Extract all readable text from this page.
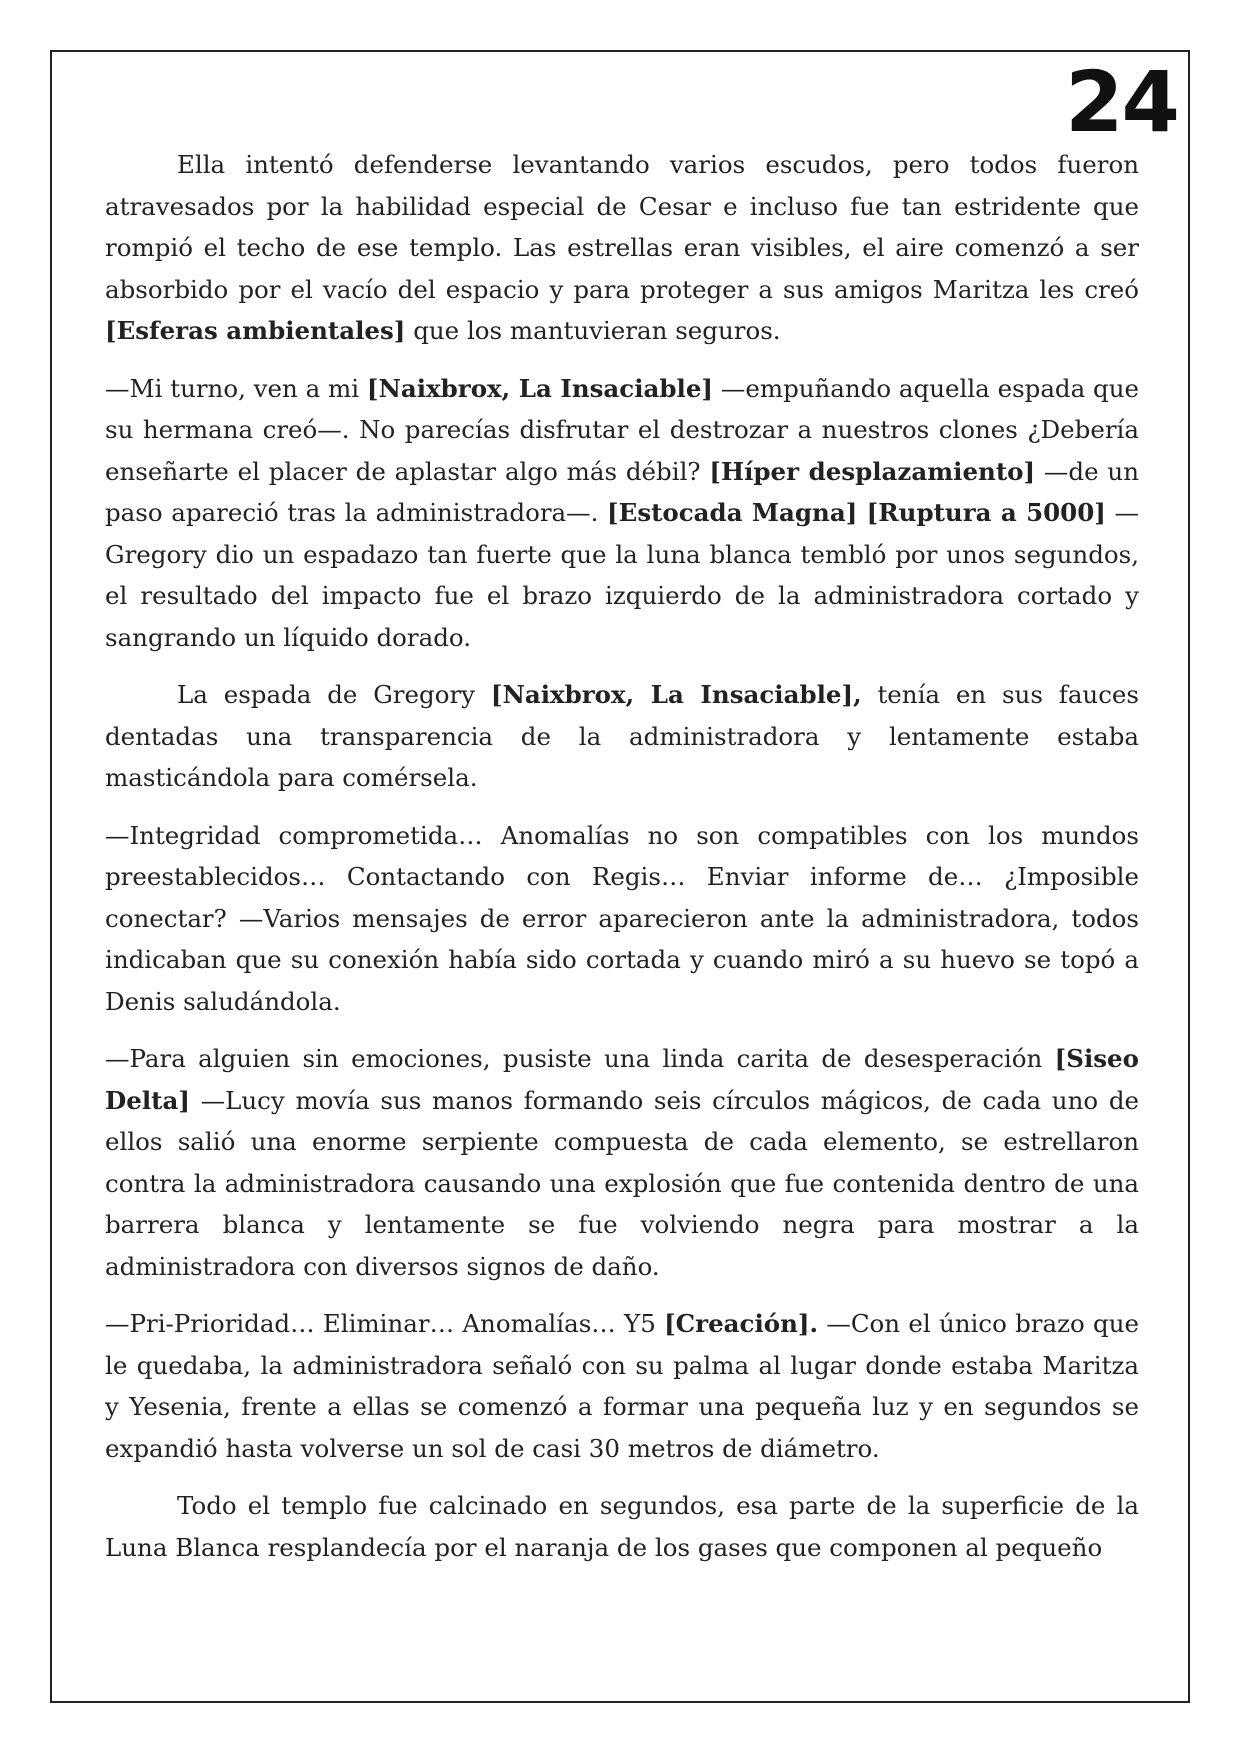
24

Ella intentó defenderse levantando varios escudos, pero todos fueron atravesados por la habilidad especial de Cesar e incluso fue tan estridente que rompió el techo de ese templo. Las estrellas eran visibles, el aire comenzó a ser absorbido por el vacío del espacio y para proteger a sus amigos Maritza les creó [Esferas ambientales] que los mantuvieran seguros.

—Mi turno, ven a mi [Naixbrox, La Insaciable] —empuñando aquella espada que su hermana creó—. No parecías disfrutar el destrozar a nuestros clones ¿Debería enseñarte el placer de aplastar algo más débil? [Híper desplazamiento] —de un paso apareció tras la administradora—. [Estocada Magna] [Ruptura a 5000] —Gregory dio un espadazo tan fuerte que la luna blanca tembló por unos segundos, el resultado del impacto fue el brazo izquierdo de la administradora cortado y sangrando un líquido dorado.

La espada de Gregory [Naixbrox, La Insaciable], tenía en sus fauces dentadas una transparencia de la administradora y lentamente estaba masticándola para comérsela.

—Integridad comprometida… Anomalías no son compatibles con los mundos preestablecidos… Contactando con Regis… Enviar informe de… ¿Imposible conectar? —Varios mensajes de error aparecieron ante la administradora, todos indicaban que su conexión había sido cortada y cuando miró a su huevo se topó a Denis saludándola.

—Para alguien sin emociones, pusiste una linda carita de desesperación [Siseo Delta] —Lucy movía sus manos formando seis círculos mágicos, de cada uno de ellos salió una enorme serpiente compuesta de cada elemento, se estrellaron contra la administradora causando una explosión que fue contenida dentro de una barrera blanca y lentamente se fue volviendo negra para mostrar a la administradora con diversos signos de daño.

—Pri-Prioridad… Eliminar… Anomalías… Y5 [Creación]. —Con el único brazo que le quedaba, la administradora señaló con su palma al lugar donde estaba Maritza y Yesenia, frente a ellas se comenzó a formar una pequeña luz y en segundos se expandió hasta volverse un sol de casi 30 metros de diámetro.

Todo el templo fue calcinado en segundos, esa parte de la superficie de la Luna Blanca resplandecía por el naranja de los gases que componen al pequeño
